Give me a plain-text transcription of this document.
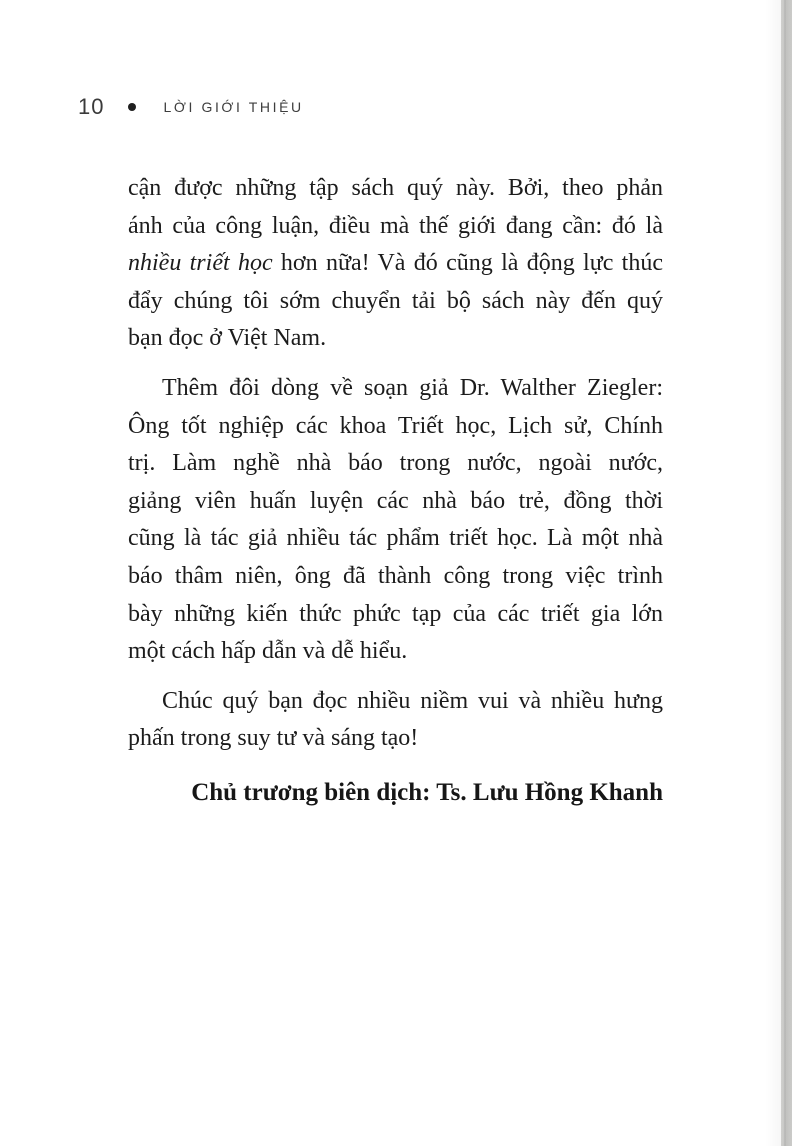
10	LỜI GIỚI THIỆU
cận được những tập sách quý này. Bởi, theo phản
ánh của công luận, điều mà thế giới đang cần: đó là
nhiều triết học hơn nữa! Và đó cũng là động lực thúc
đẩy chúng tôi sớm chuyển tải bộ sách này đến quý
bạn đọc ở Việt Nam.
Thêm đôi dòng về soạn giả Dr. Walther Ziegler:
Ông tốt nghiệp các khoa Triết học, Lịch sử, Chính
trị. Làm nghề nhà báo trong nước, ngoài nước,
giảng viên huấn luyện các nhà báo trẻ, đồng thời
cũng là tác giả nhiều tác phẩm triết học. Là một nhà
báo thâm niên, ông đã thành công trong việc trình
bày những kiến thức phức tạp của các triết gia lớn
một cách hấp dẫn và dễ hiểu.
Chúc quý bạn đọc nhiều niềm vui và nhiều hưng
phấn trong suy tư và sáng tạo!
Chủ trương biên dịch: Ts. Lưu Hồng Khanh
